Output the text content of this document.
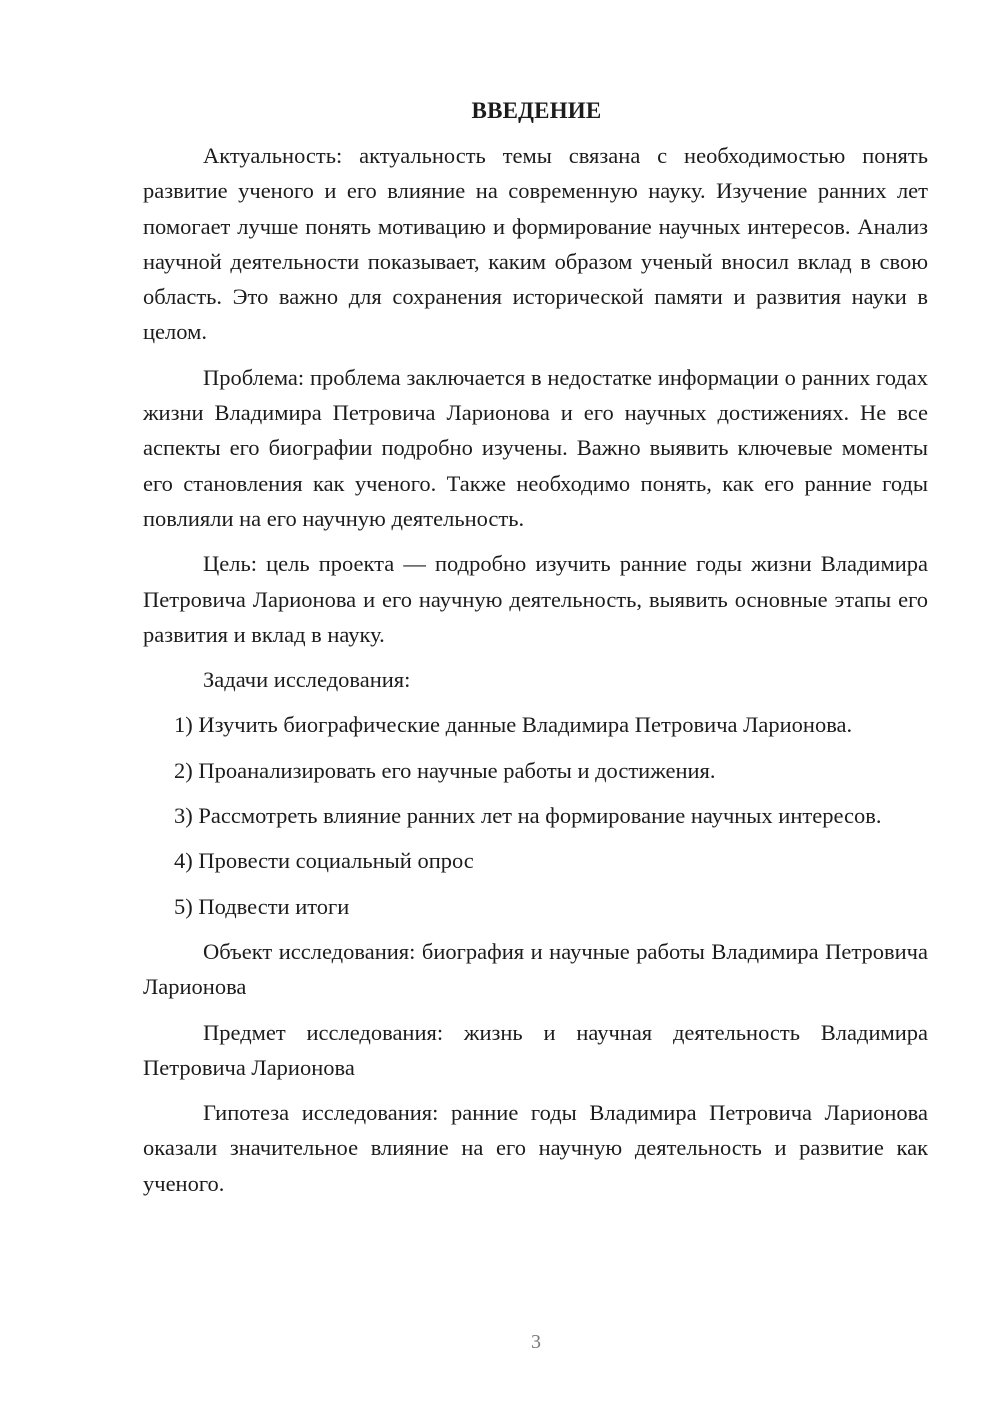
ВВЕДЕНИЕ

Актуальность: актуальность темы связана с необходимостью понять развитие ученого и его влияние на современную науку. Изучение ранних лет помогает лучше понять мотивацию и формирование научных интересов. Анализ научной деятельности показывает, каким образом ученый вносил вклад в свою область. Это важно для сохранения исторической памяти и развития науки в целом.

Проблема: проблема заключается в недостатке информации о ранних годах жизни Владимира Петровича Ларионова и его научных достижениях. Не все аспекты его биографии подробно изучены. Важно выявить ключевые моменты его становления как ученого. Также необходимо понять, как его ранние годы повлияли на его научную деятельность.

Цель: цель проекта — подробно изучить ранние годы жизни Владимира Петровича Ларионова и его научную деятельность, выявить основные этапы его развития и вклад в науку.

Задачи исследования:

1) Изучить биографические данные Владимира Петровича Ларионова.

2) Проанализировать его научные работы и достижения.

3) Рассмотреть влияние ранних лет на формирование научных интересов.

4) Провести социальный опрос

5) Подвести итоги

Объект исследования: биография и научные работы Владимира Петровича Ларионова

Предмет исследования: жизнь и научная деятельность Владимира Петровича Ларионова

Гипотеза исследования: ранние годы Владимира Петровича Ларионова оказали значительное влияние на его научную деятельность и развитие как ученого.

3
